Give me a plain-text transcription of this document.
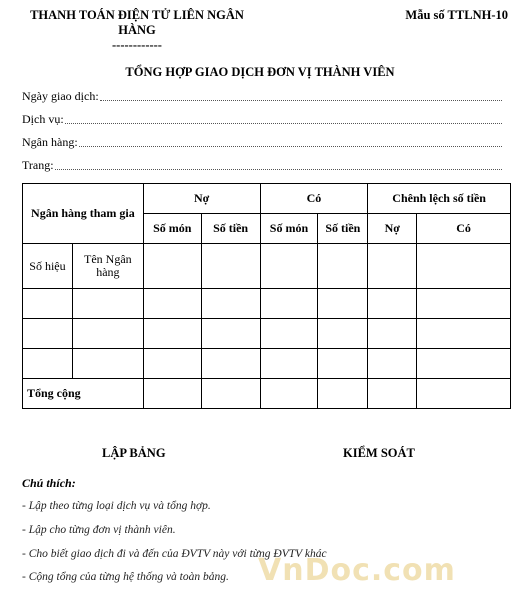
THANH TOÁN ĐIỆN TỬ LIÊN NGÂN
HÀNG
------------
Mẫu số TTLNH-10
TỔNG HỢP GIAO DỊCH ĐƠN VỊ THÀNH VIÊN
Ngày giao dịch:
Dịch vụ:
Ngân hàng:
Trang:
Ngân hàng tham gia		Nợ		Có		Chênh lệch số tiền	
		Số món	Số tiền	Số món	Số tiền	Nợ	Có
Số hiệu	Tên Ngân hàng						

Tổng cộng							
LẬP BẢNG	KIỂM SOÁT
Chú thích:
- Lập theo từng loại dịch vụ và tổng hợp.
- Lập cho từng đơn vị thành viên.
- Cho biết giao dịch đi và đến của ĐVTV này với từng ĐVTV khác
- Cộng tổng của từng hệ thống và toàn bảng. VnDoc.com
